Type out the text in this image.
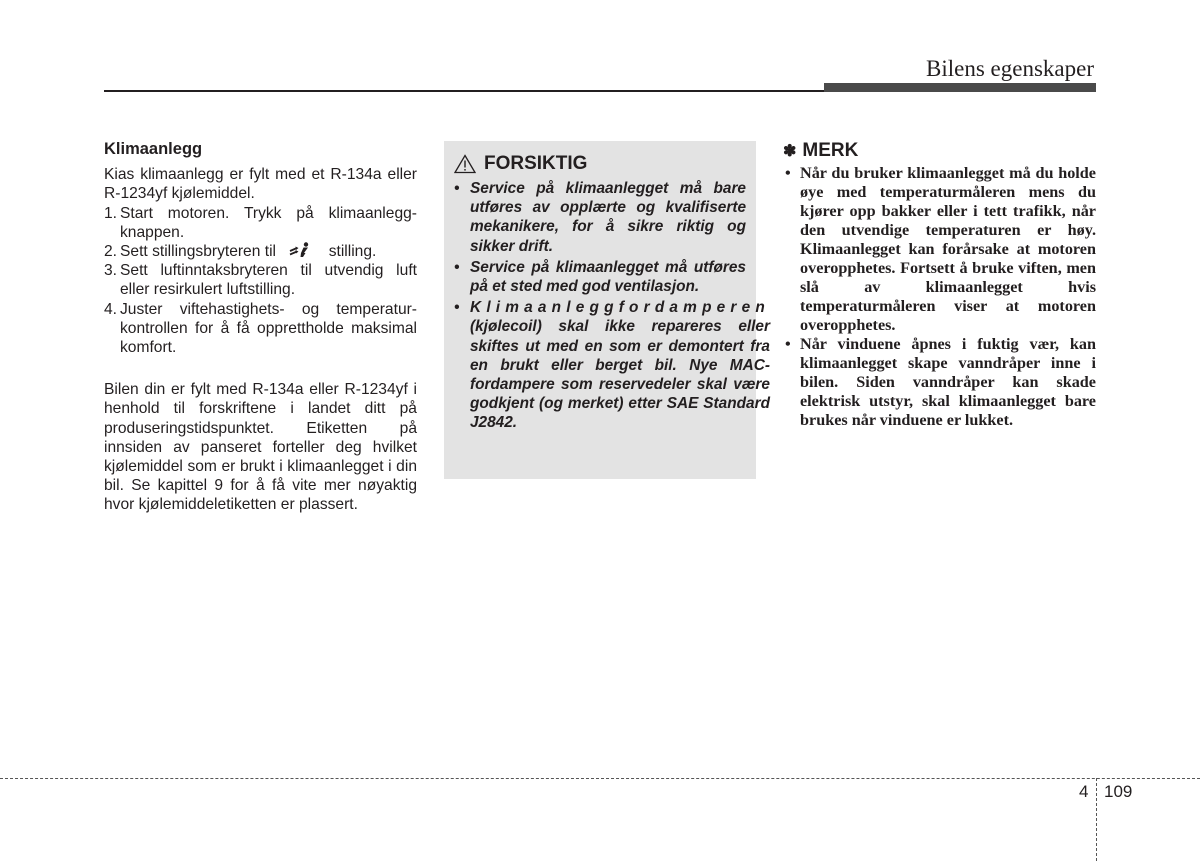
Bilens egenskaper
Klimaanlegg

Kias klimaanlegg er fylt med et R-134a eller R-1234yf kjølemiddel.

1. Start motoren. Trykk på klimaanlegg-knappen.
2. Sett stillingsbryteren til	stilling.
3. Sett luftinntaksbryteren til utvendig luft eller resirkulert luftstilling.
4. Juster viftehastighets- og temperatur-kontrollen for å få opprettholde maksimal komfort.

Bilen din er fylt med R-134a eller R-1234yf i henhold til forskriftene i landet ditt på produseringstidspunktet. Etiketten på innsiden av panseret forteller deg hvilket kjølemiddel som er brukt i klimaanlegget i din bil. Se kapittel 9 for å få vite mer nøyaktig hvor kjølemiddeletiketten er plassert.

FORSIKTIG
• Service på klimaanlegget må bare utføres av opplærte og kvalifiserte mekanikere, for å sikre riktig og sikker drift.
• Service på klimaanlegget må utføres på et sted med god ventilasjon.
• Klimaanleggfordamperen (kjølecoil) skal ikke repareres eller skiftes ut med en som er demontert fra en brukt eller berget bil. Nye MAC-fordampere som reservedeler skal være godkjent (og merket) etter SAE Standard J2842.
✽ MERK
• Når du bruker klimaanlegget må du holde øye med temperaturmåleren mens du kjører opp bakker eller i tett trafikk, når den utvendige temperaturen er høy. Klimaanlegget kan forårsake at motoren overopphetes. Fortsett å bruke viften, men slå av klimaanlegget hvis temperaturmåleren viser at motoren overopphetes.
• Når vinduene åpnes i fuktig vær, kan klimaanlegget skape vanndråper inne i bilen. Siden vanndråper kan skade elektrisk utstyr, skal klimaanlegget bare brukes når vinduene er lukket.
4 109
